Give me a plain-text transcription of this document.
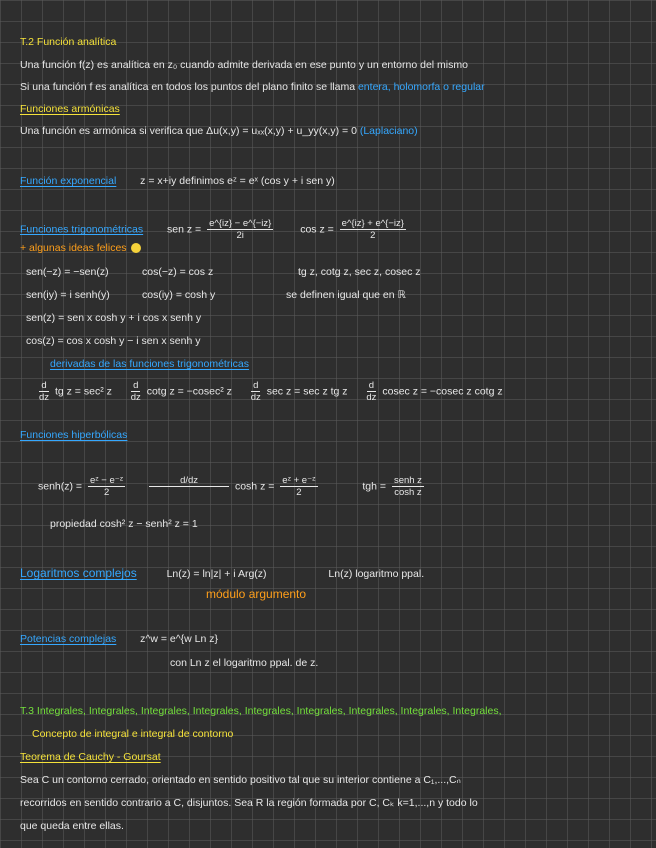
T.2 Función analítica
Una función f(z) es analítica en z₀ cuando admite derivada en ese punto y un entorno del mismo
Si una función f es analítica en todos los puntos del plano finito se llama entera, holomorfa o regular
Funciones armónicas
Una función es armónica si verifica que Δu(x,y) = uₓₓ(x,y) + u_yy(x,y) = 0 (Laplaciano)
Función exponencial z = x+iy definimos eᶻ = eˣ (cos y + i sen y)
Funciones trigonométricas sen $z = \frac{e\^{}\{iz\} - e\^{}\{-iz\}}{2i}$	$\cos z = \frac{e\^{}\{iz\} + e\^{}\{-iz\}}{2}$
+ algunas ideas felices
sen(−z) = −sen(z)	cos(−z) = cos z	tg z, cotg z, sec z, cosec z
sen(iy) = i senh(y)	cos(iy) = cosh y	se definen igual que en ℝ
sen(z) = sen x cosh y + i cos x senh y
cos(z) = cos x cosh y − i sen x senh y
derivadas de las funciones trigonométricas
$\frac{d}{dz}$ tg z = sec² z $\frac{d}{dz}$ cotg z = −cosec² z $\frac{d}{dz}$ sec z = sec z tg z $\frac{d}{dz}$ cosec z = −cosec z cotg z
Funciones hiperbólicas
senh(z) = $\frac{\text{eᶻ − e⁻ᶻ}}{2}$
	d/dz	$\cosh z = \frac{\text{eᶻ + e⁻ᶻ}}{2}$	tgh = $\frac{\text{senh z}}{\text{cosh z}}$
propiedad cosh² z − senh² z = 1
Logaritmos complejos	Ln(z) = ln|z| + i Arg(z)	Ln(z) logaritmo ppal.
módulo argumento
Potencias complejas z^w = e^{w Ln z}
con Ln z el logaritmo ppal. de z.
T.3 Integrales, Integrales, Integrales, Integrales, Integrales, Integrales, Integrales, Integrales, Integrales,
Concepto de integral e integral de contorno
Teorema de Cauchy - Goursat
Sea C un contorno cerrado, orientado en sentido positivo tal que su interior contiene a C₁,...,Cₙ
recorridos en sentido contrario a C, disjuntos. Sea R la región formada por C, Cₖ k=1,...,n y todo lo
que queda entre ellas.
